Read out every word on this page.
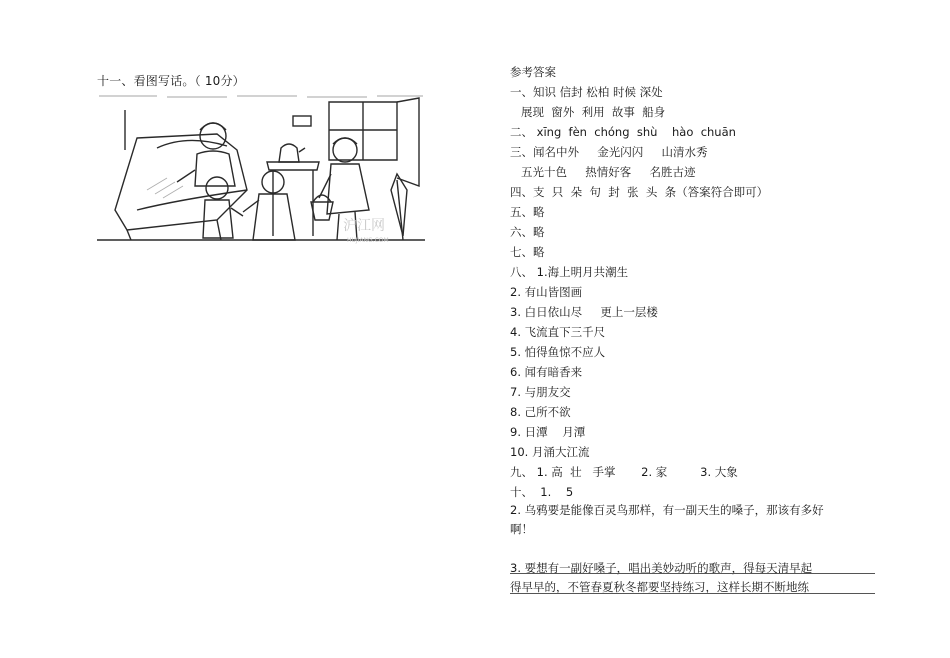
十一、看图写话。（ 10分）
沪江网
HUJIANG.COM
参考答案
一、知识 信封 松柏 时候 深处
展现  窗外  利用  故事  船身
二、 xīng  fèn  chóng  shù    hào  chuān
三、闻名中外     金光闪闪     山清水秀
五光十色     热情好客     名胜古迹
四、支  只  朵  句  封  张  头  条（答案符合即可）
五、略
六、略
七、略
八、 1.海上明月共潮生
2. 有山皆图画
3. 白日依山尽     更上一层楼
4. 飞流直下三千尺
5. 怕得鱼惊不应人
6. 闻有暗香来
7. 与朋友交
8. 己所不欲
9. 日潭    月潭
10. 月涌大江流
九、 1. 高  壮   手掌       2. 家         3. 大象
十、  1.    5
2. 乌鸦要是能像百灵鸟那样，有一副天生的嗓子，那该有多好啊！
3. 要想有一副好嗓子，唱出美妙动听的歌声，得每天清早起
得早早的，不管春夏秋冬都要坚持练习，这样长期不断地练
